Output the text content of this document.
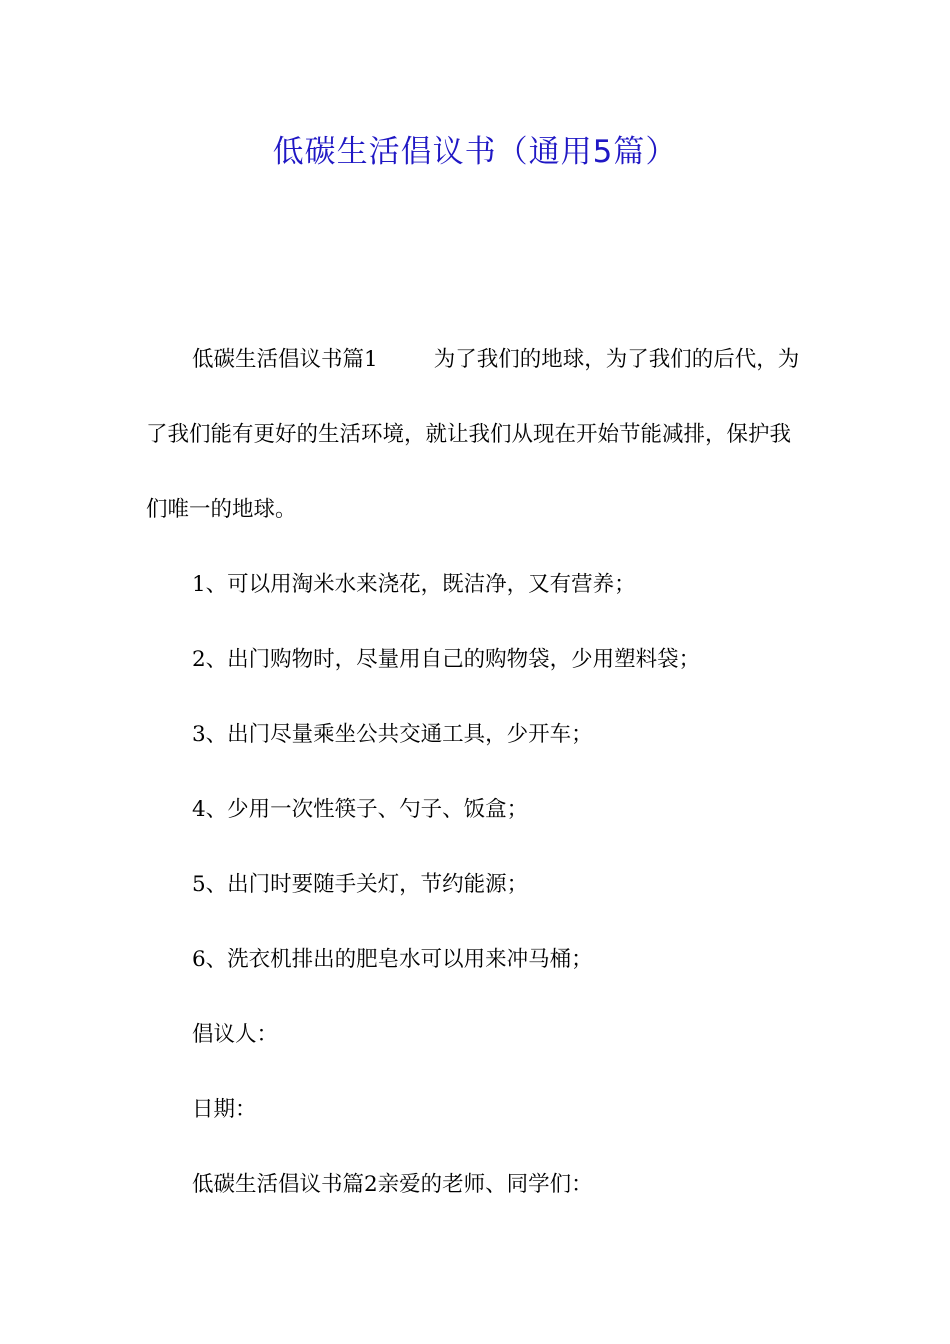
低碳生活倡议书（通用5篇）

低碳生活倡议书篇1	为了我们的地球，为了我们的后代，为了我们能有更好的生活环境，就让我们从现在开始节能减排，保护我们唯一的地球。

1、可以用淘米水来浇花，既洁净，又有营养；

2、出门购物时，尽量用自己的购物袋，少用塑料袋；

3、出门尽量乘坐公共交通工具，少开车；

4、少用一次性筷子、勺子、饭盒；

5、出门时要随手关灯，节约能源；

6、洗衣机排出的肥皂水可以用来冲马桶；

倡议人：

日期：

低碳生活倡议书篇2亲爱的老师、同学们：
